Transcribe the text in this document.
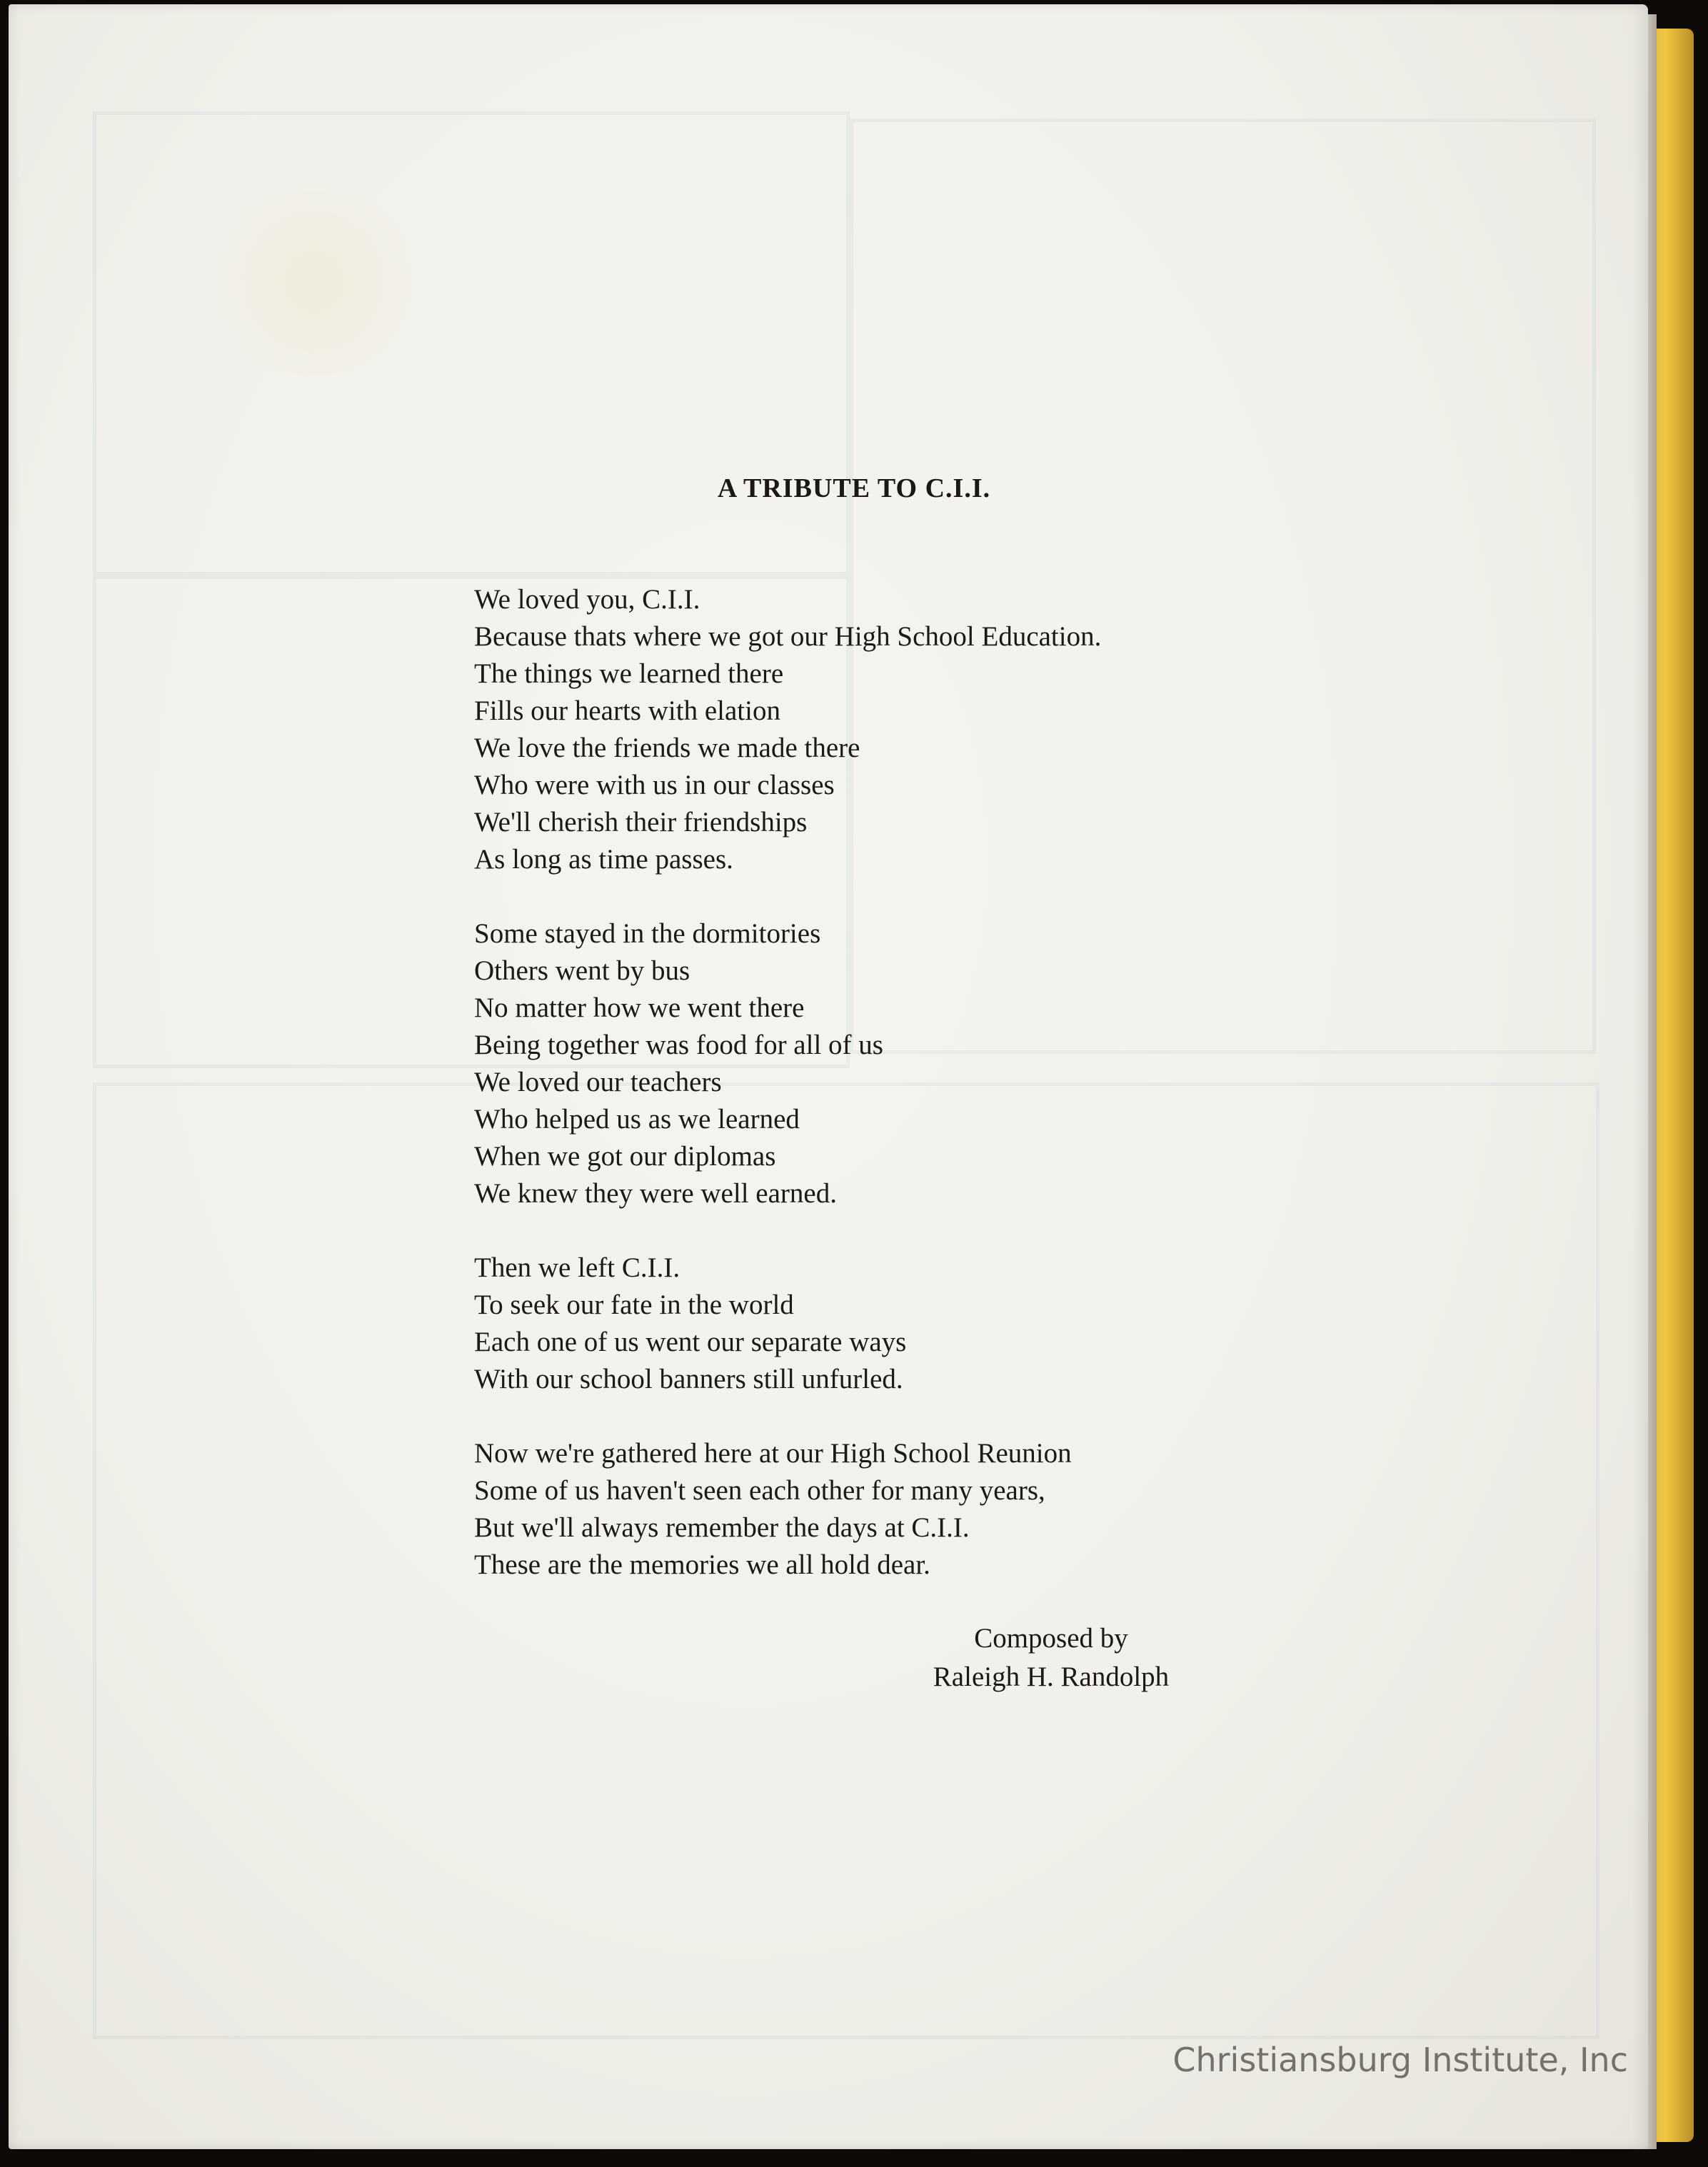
A TRIBUTE TO C.I.I.
We loved you, C.I.I.
Because thats where we got our High School Education.
The things we learned there
Fills our hearts with elation
We love the friends we made there
Who were with us in our classes
We'll cherish their friendships
As long as time passes.
Some stayed in the dormitories
Others went by bus
No matter how we went there
Being together was food for all of us
We loved our teachers
Who helped us as we learned
When we got our diplomas
We knew they were well earned.
Then we left C.I.I.
To seek our fate in the world
Each one of us went our separate ways
With our school banners still unfurled.
Now we're gathered here at our High School Reunion
Some of us haven't seen each other for many years,
But we'll always remember the days at C.I.I.
These are the memories we all hold dear.
Composed by
Raleigh H. Randolph
Christiansburg Institute, Inc
